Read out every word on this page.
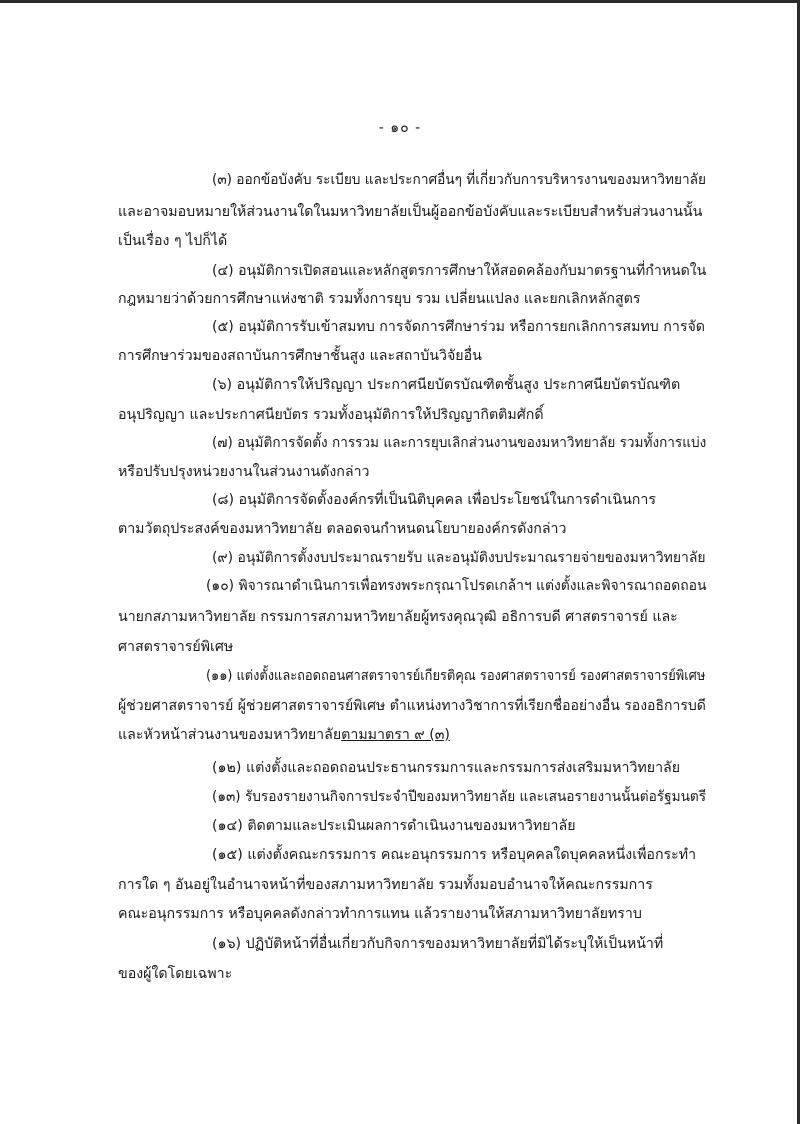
- ๑๐ -
(๓) ออกข้อบังคับ ระเบียบ และประกาศอื่นๆ ที่เกี่ยวกับการบริหารงานของมหาวิทยาลัย
และอาจมอบหมายให้ส่วนงานใดในมหาวิทยาลัยเป็นผู้ออกข้อบังคับและระเบียบสำหรับส่วนงานนั้น
เป็นเรื่อง ๆ ไปก็ได้
(๔) อนุมัติการเปิดสอนและหลักสูตรการศึกษาให้สอดคล้องกับมาตรฐานที่กำหนดใน
กฎหมายว่าด้วยการศึกษาแห่งชาติ รวมทั้งการยุบ รวม เปลี่ยนแปลง และยกเลิกหลักสูตร
(๕) อนุมัติการรับเข้าสมทบ การจัดการศึกษาร่วม หรือการยกเลิกการสมทบ การจัด
การศึกษาร่วมของสถาบันการศึกษาชั้นสูง และสถาบันวิจัยอื่น
(๖) อนุมัติการให้ปริญญา ประกาศนียบัตรบัณฑิตชั้นสูง ประกาศนียบัตรบัณฑิต
อนุปริญญา และประกาศนียบัตร รวมทั้งอนุมัติการให้ปริญญากิตติมศักดิ์
(๗) อนุมัติการจัดตั้ง การรวม และการยุบเลิกส่วนงานของมหาวิทยาลัย รวมทั้งการแบ่ง
หรือปรับปรุงหน่วยงานในส่วนงานดังกล่าว
(๘) อนุมัติการจัดตั้งองค์กรที่เป็นนิติบุคคล เพื่อประโยชน์ในการดำเนินการ
ตามวัตถุประสงค์ของมหาวิทยาลัย ตลอดจนกำหนดนโยบายองค์กรดังกล่าว
(๙) อนุมัติการตั้งงบประมาณรายรับ และอนุมัติงบประมาณรายจ่ายของมหาวิทยาลัย
(๑๐) พิจารณาดำเนินการเพื่อทรงพระกรุณาโปรดเกล้าฯ แต่งตั้งและพิจารณาถอดถอน
นายกสภามหาวิทยาลัย กรรมการสภามหาวิทยาลัยผู้ทรงคุณวุฒิ อธิการบดี ศาสตราจารย์ และ
ศาสตราจารย์พิเศษ
(๑๑) แต่งตั้งและถอดถอนศาสตราจารย์เกียรติคุณ รองศาสตราจารย์ รองศาสตราจารย์พิเศษ
ผู้ช่วยศาสตราจารย์ ผู้ช่วยศาสตราจารย์พิเศษ ตำแหน่งทางวิชาการที่เรียกชื่ออย่างอื่น รองอธิการบดี
และหัวหน้าส่วนงานของมหาวิทยาลัยตามมาตรา ๙ (๓)
(๑๒) แต่งตั้งและถอดถอนประธานกรรมการและกรรมการส่งเสริมมหาวิทยาลัย
(๑๓) รับรองรายงานกิจการประจำปีของมหาวิทยาลัย และเสนอรายงานนั้นต่อรัฐมนตรี
(๑๔) ติดตามและประเมินผลการดำเนินงานของมหาวิทยาลัย
(๑๕) แต่งตั้งคณะกรรมการ คณะอนุกรรมการ หรือบุคคลใดบุคคลหนึ่งเพื่อกระทำ
การใด ๆ อันอยู่ในอำนาจหน้าที่ของสภามหาวิทยาลัย รวมทั้งมอบอำนาจให้คณะกรรมการ
คณะอนุกรรมการ หรือบุคคลดังกล่าวทำการแทน แล้วรายงานให้สภามหาวิทยาลัยทราบ
(๑๖) ปฏิบัติหน้าที่อื่นเกี่ยวกับกิจการของมหาวิทยาลัยที่มิได้ระบุให้เป็นหน้าที่
ของผู้ใดโดยเฉพาะ
